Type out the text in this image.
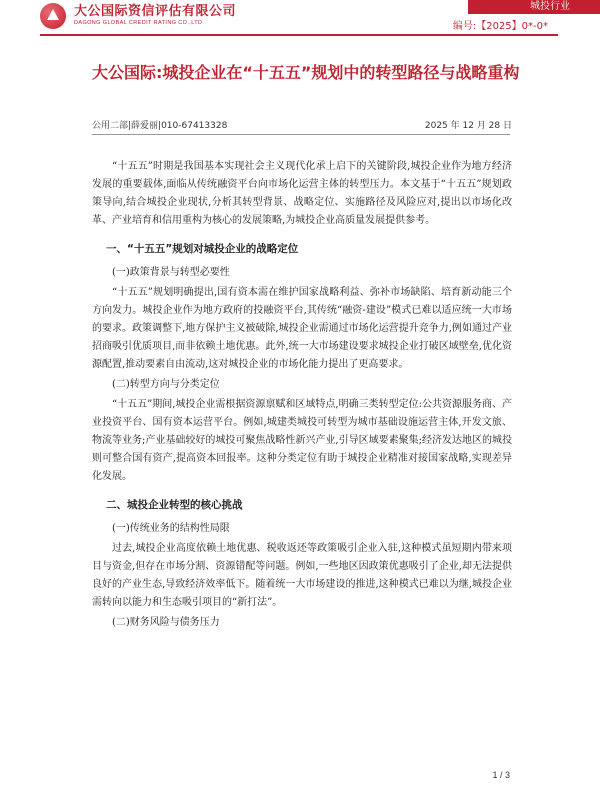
大公国际资信评估有限公司
DAGONG GLOBAL CREDIT RATING CO.,LTD
城投行业
编号:【2025】0*-0*
大公国际:城投企业在“十五五”规划中的转型路径与战略重构
公用二部|薛爱丽|010-67413328	2025 年 12 月 28 日

“十五五”时期是我国基本实现社会主义现代化承上启下的关键阶段,城投企业作为地方经济发展的重要载体,面临从传统融资平台向市场化运营主体的转型压力。本文基于“十五五”规划政策导向,结合城投企业现状,分析其转型背景、战略定位、实施路径及风险应对,提出以市场化改革、产业培育和信用重构为核心的发展策略,为城投企业高质量发展提供参考。

一、“十五五”规划对城投企业的战略定位
(一)政策背景与转型必要性

“十五五”规划明确提出,国有资本需在维护国家战略利益、弥补市场缺陷、培育新动能三个方向发力。城投企业作为地方政府的投融资平台,其传统“融资-建设”模式已难以适应统一大市场的要求。政策调整下,地方保护主义被破除,城投企业需通过市场化运营提升竞争力,例如通过产业招商吸引优质项目,而非依赖土地优惠。此外,统一大市场建设要求城投企业打破区域壁垒,优化资源配置,推动要素自由流动,这对城投企业的市场化能力提出了更高要求。

(二)转型方向与分类定位

“十五五”期间,城投企业需根据资源禀赋和区域特点,明确三类转型定位:公共资源服务商、产业投资平台、国有资本运营平台。例如,城建类城投可转型为城市基础设施运营主体,开发文旅、物流等业务;产业基础较好的城投可聚焦战略性新兴产业,引导区域要素聚集;经济发达地区的城投则可整合国有资产,提高资本回报率。这种分类定位有助于城投企业精准对接国家战略,实现差异化发展。

二、城投企业转型的核心挑战
(一)传统业务的结构性局限

过去,城投企业高度依赖土地优惠、税收返还等政策吸引企业入驻,这种模式虽短期内带来项目与资金,但存在市场分割、资源错配等问题。例如,一些地区因政策优惠吸引了企业,却无法提供良好的产业生态,导致经济效率低下。随着统一大市场建设的推进,这种模式已难以为继,城投企业需转向以能力和生态吸引项目的“新打法”。

(二)财务风险与债务压力
1 / 3
